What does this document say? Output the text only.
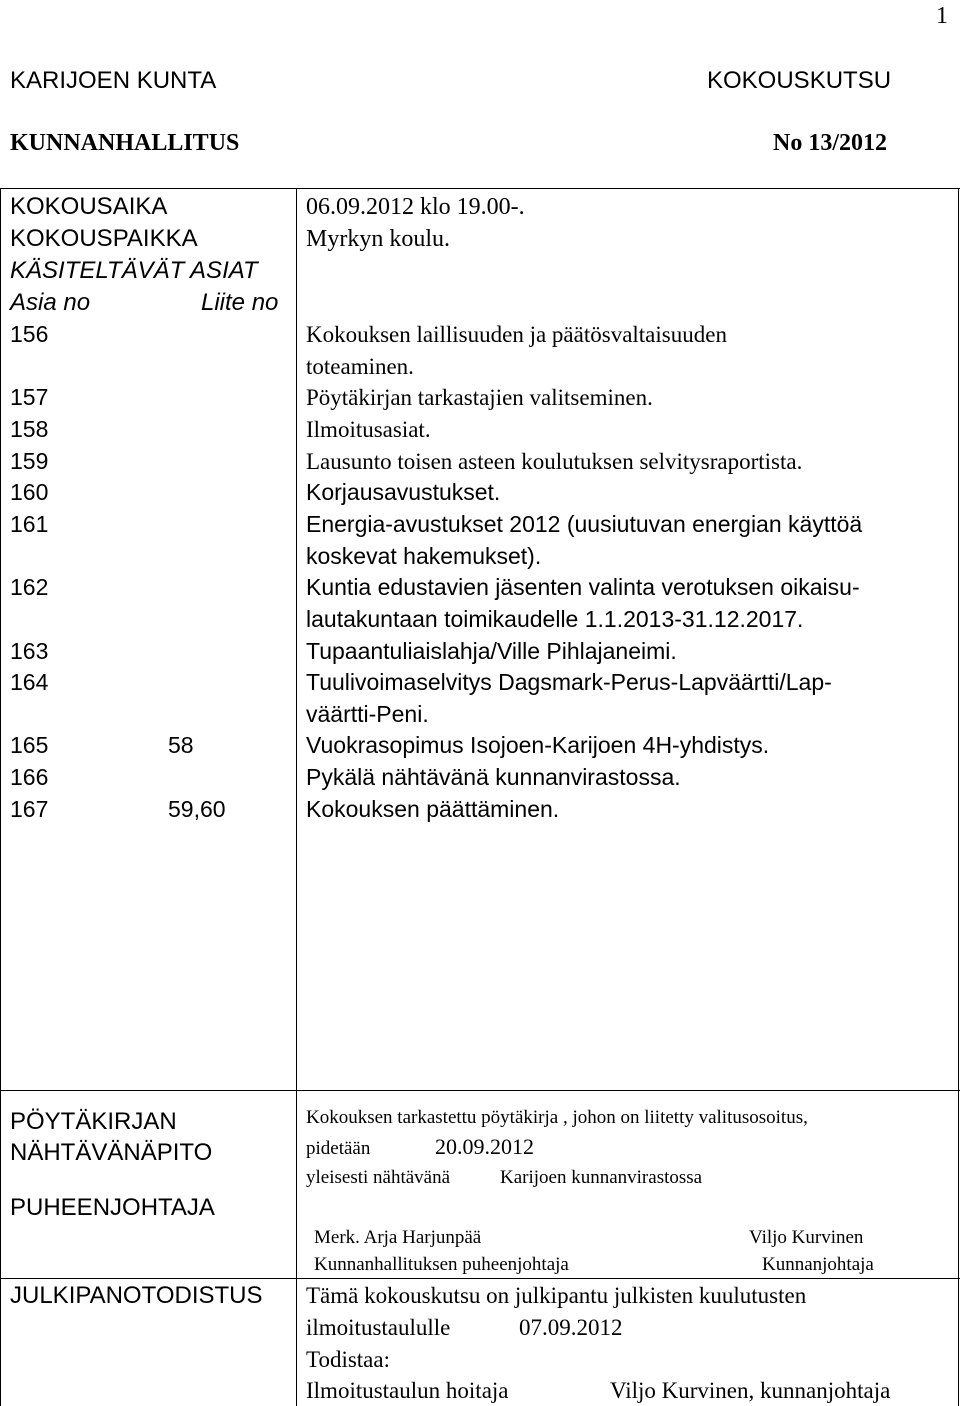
1
KARIJOEN KUNTA	KOKOUSKUTSU
KUNNANHALLITUS	No 13/2012
KOKOUSAIKA	06.09.2012 klo 19.00-.
KOKOUSPAIKKA	Myrkyn koulu.
KÄSITELTÄVÄT ASIAT
Asia no	Liite no
156	Kokouksen laillisuuden ja päätösvaltaisuuden
toteaminen.
157	Pöytäkirjan tarkastajien valitseminen.
158	Ilmoitusasiat.
159	Lausunto toisen asteen koulutuksen selvitysraportista.
160	Korjausavustukset.
161	Energia-avustukset 2012 (uusiutuvan energian käyttöä
koskevat hakemukset).
162	Kuntia edustavien jäsenten valinta verotuksen oikaisu-
lautakuntaan toimikaudelle 1.1.2013-31.12.2017.
163	Tupaantuliaislahja/Ville Pihlajaneimi.
164	Tuulivoimaselvitys Dagsmark-Perus-Lapväärtti/Lap-
väärtti-Peni.
165	58	Vuokrasopimus Isojoen-Karijoen 4H-yhdistys.
166	Pykälä nähtävänä kunnanvirastossa.
167	59,60	Kokouksen päättäminen.
PÖYTÄKIRJAN
NÄHTÄVÄNÄPITO
Kokouksen tarkastettu pöytäkirja , johon on liitetty valitusosoitus,
pidetään	20.09.2012
yleisesti nähtävänä	Karijoen kunnanvirastossa
PUHEENJOHTAJA
Merk. Arja Harjunpää	Viljo Kurvinen
Kunnanhallituksen puheenjohtaja	Kunnanjohtaja
JULKIPANOTODISTUS Tämä kokouskutsu on julkipantu julkisten kuulutusten
ilmoitustaululle	07.09.2012
Todistaa:
Ilmoitustaulun hoitaja	Viljo Kurvinen, kunnanjohtaja
